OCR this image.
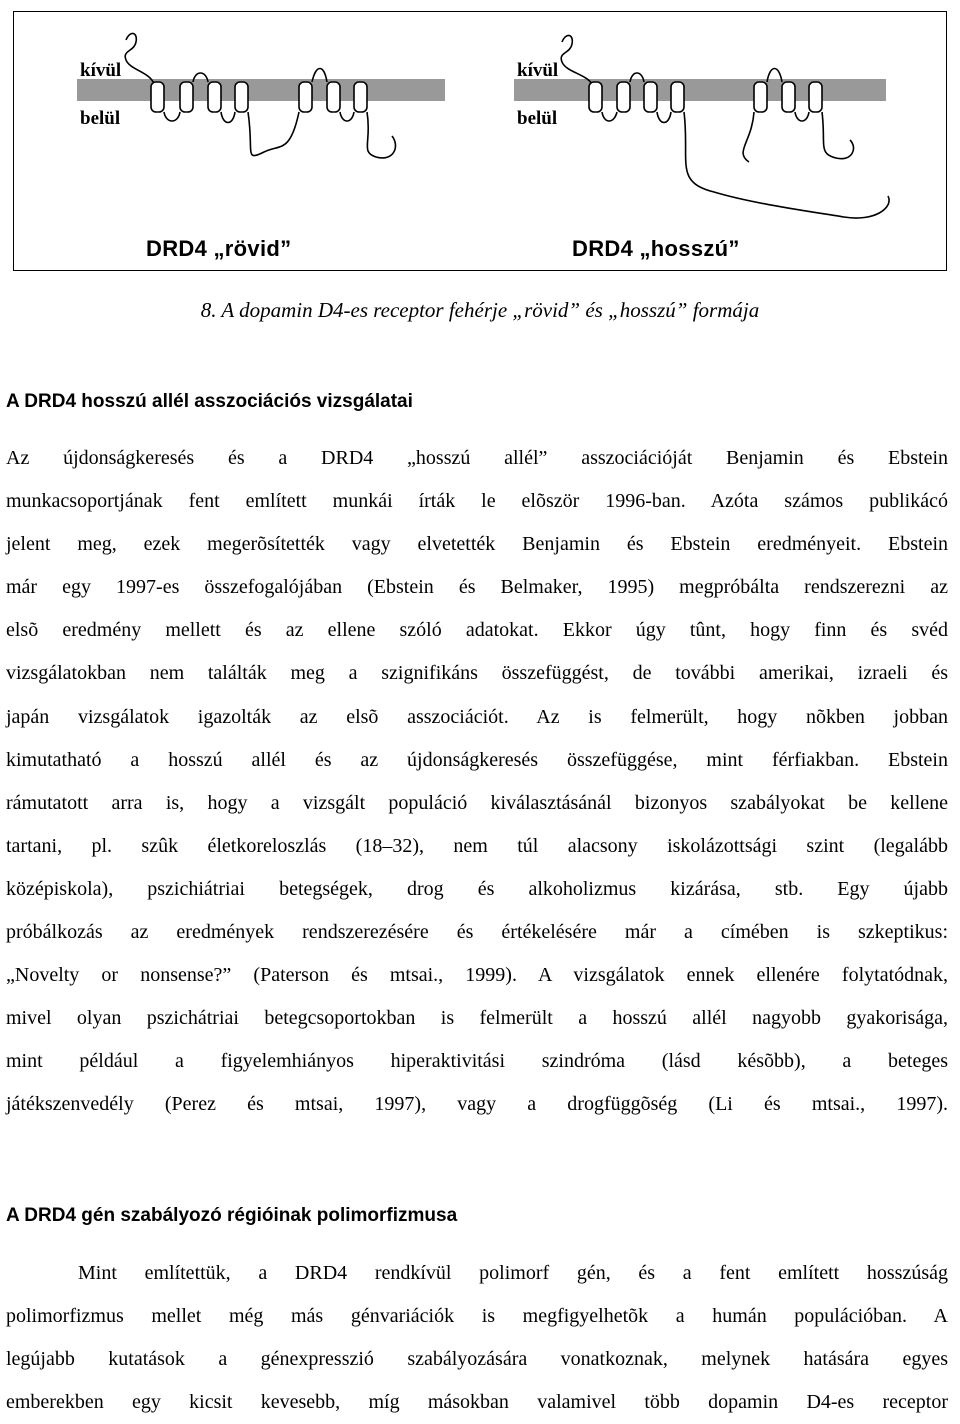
kívül
belül
kívül
belül
DRD4 „rövid”	DRD4 „hosszú”

8. A dopamin D4-es receptor fehérje „rövid” és „hosszú” formája

A DRD4 hosszú allél asszociációs vizsgálatai
Az újdonságkeresés és a DRD4 „hosszú allél” asszociációját Benjamin és Ebstein
munkacsoportjának fent említett munkái írták le elõször 1996-ban. Azóta számos publikácó
jelent meg, ezek megerõsítették vagy elvetették Benjamin és Ebstein eredményeit. Ebstein
már egy 1997-es összefogalójában (Ebstein és Belmaker, 1995) megpróbálta rendszerezni az
elsõ eredmény mellett és az ellene szóló adatokat. Ekkor úgy tûnt, hogy finn és svéd
vizsgálatokban nem találták meg a szignifikáns összefüggést, de további amerikai, izraeli és
japán vizsgálatok igazolták az elsõ asszociációt. Az is felmerült, hogy nõkben jobban
kimutatható a hosszú allél és az újdonságkeresés összefüggése, mint férfiakban. Ebstein
rámutatott arra is, hogy a vizsgált populáció kiválasztásánál bizonyos szabályokat be kellene
tartani, pl. szûk életkoreloszlás (18–32), nem túl alacsony iskolázottsági szint (legalább
középiskola), pszichiátriai betegségek, drog és alkoholizmus kizárása, stb. Egy újabb
próbálkozás az eredmények rendszerezésére és értékelésére már a címében is szkeptikus:
„Novelty or nonsense?” (Paterson és mtsai., 1999). A vizsgálatok ennek ellenére folytatódnak,
mivel olyan pszichátriai betegcsoportokban is felmerült a hosszú allél nagyobb gyakorisága,
mint például a figyelemhiányos hiperaktivitási szindróma (lásd késõbb), a beteges
játékszenvedély (Perez és mtsai, 1997), vagy a drogfüggõség (Li és mtsai., 1997).
A DRD4 gén szabályozó régióinak polimorfizmusa
Mint említettük, a DRD4 rendkívül polimorf gén, és a fent említett hosszúság
polimorfizmus mellet még más génvariációk is megfigyelhetõk a humán populációban. A
legújabb kutatások a génexpresszió szabályozására vonatkoznak, melynek hatására egyes
emberekben egy kicsit kevesebb, míg másokban valamivel több dopamin D4-es receptor
